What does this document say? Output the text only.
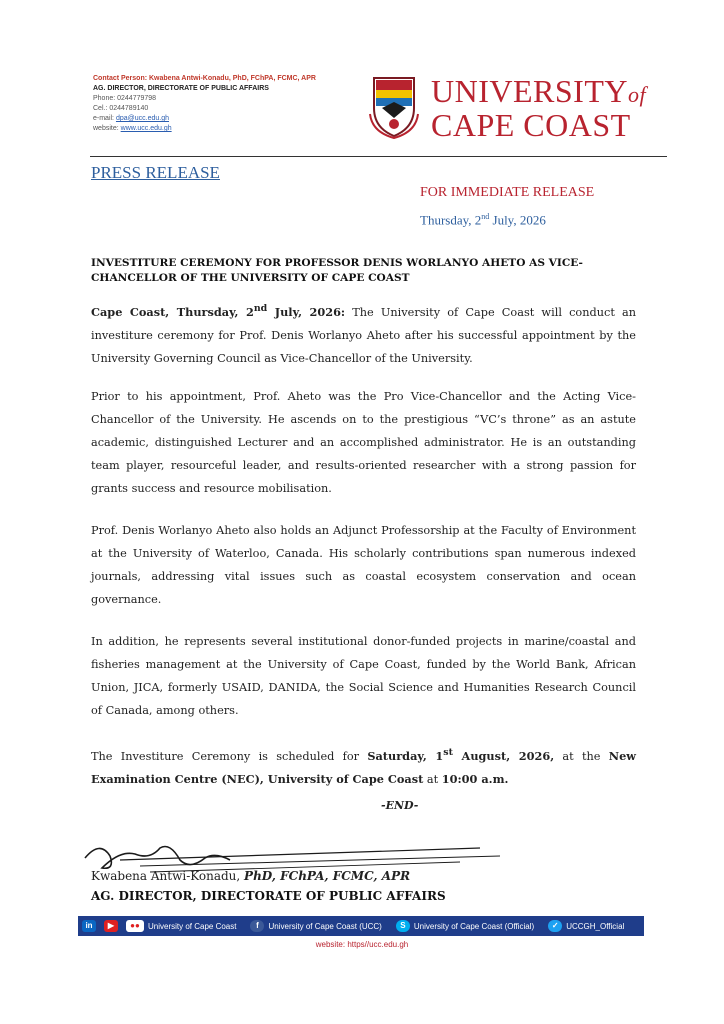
Contact Person: Kwabena Antwi-Konadu, PhD, FChPA, FCMC, APR
AG. DIRECTOR, DIRECTORATE OF PUBLIC AFFAIRS
Phone: 0244779798
Cel.: 0244789140
e-mail: dpa@ucc.edu.gh
website: www.ucc.edu.gh
UNIVERSITYof
CAPE COAST
PRESS RELEASE
FOR IMMEDIATE RELEASE
Thursday, 2nd July, 2026
INVESTITURE CEREMONY FOR PROFESSOR DENIS WORLANYO AHETO AS VICE-CHANCELLOR OF THE UNIVERSITY OF CAPE COAST
Cape Coast, Thursday, 2nd July, 2026: The University of Cape Coast will conduct an investiture ceremony for Prof. Denis Worlanyo Aheto after his successful appointment by the University Governing Council as Vice-Chancellor of the University.
Prior to his appointment, Prof. Aheto was the Pro Vice-Chancellor and the Acting Vice-Chancellor of the University. He ascends on to the prestigious “VC’s throne” as an astute academic, distinguished Lecturer and an accomplished administrator. He is an outstanding team player, resourceful leader, and results-oriented researcher with a strong passion for grants success and resource mobilisation.
Prof. Denis Worlanyo Aheto also holds an Adjunct Professorship at the Faculty of Environment at the University of Waterloo, Canada. His scholarly contributions span numerous indexed journals, addressing vital issues such as coastal ecosystem conservation and ocean governance.
In addition, he represents several institutional donor-funded projects in marine/coastal and fisheries management at the University of Cape Coast, funded by the World Bank, African Union, JICA, formerly USAID, DANIDA, the Social Science and Humanities Research Council of Canada, among others.
The Investiture Ceremony is scheduled for Saturday, 1st August, 2026, at the New Examination Centre (NEC), University of Cape Coast at 10:00 a.m.
-END-
Kwabena Antwi-Konadu, PhD, FChPA, FCMC, APR
AG. DIRECTOR, DIRECTORATE OF PUBLIC AFFAIRS
in	▶	●●	University of Cape Coast	f	University of Cape Coast (UCC)	S	University of Cape Coast (Official)	✓ UCCGH_Official
website: https//ucc.edu.gh
